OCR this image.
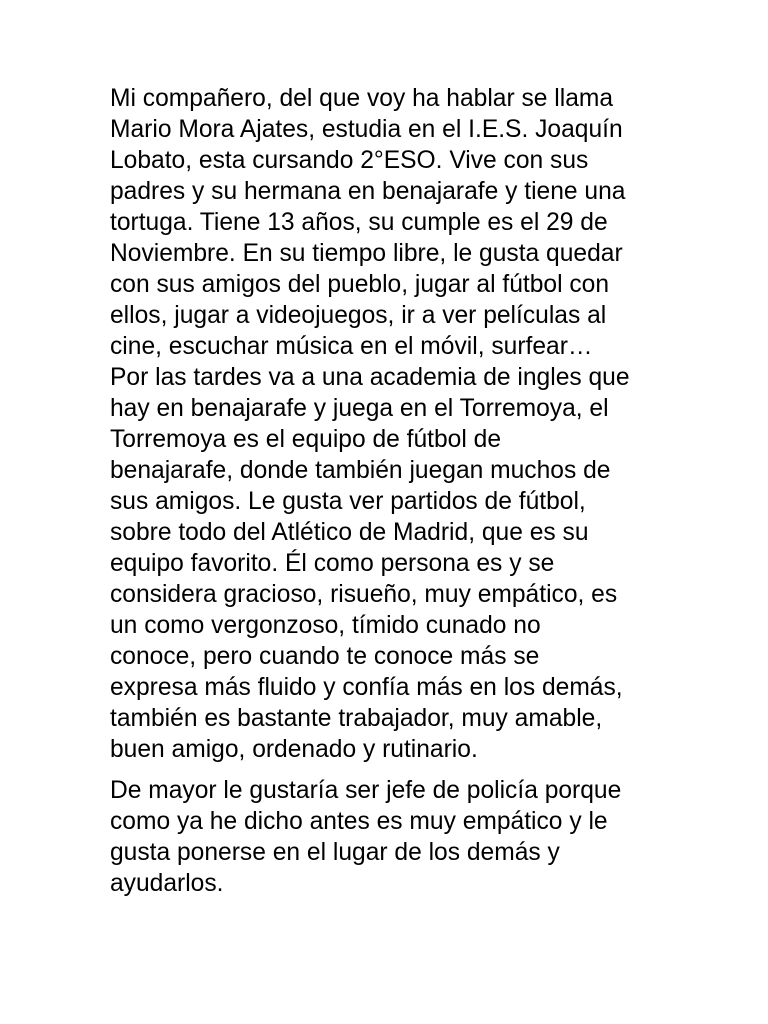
Mi compañero, del que voy ha hablar se llama
Mario Mora Ajates, estudia en el I.E.S. Joaquín
Lobato, esta cursando 2°ESO. Vive con sus
padres y su hermana en benajarafe y tiene una
tortuga. Tiene 13 años, su cumple es el 29 de
Noviembre. En su tiempo libre, le gusta quedar
con sus amigos del pueblo, jugar al fútbol con
ellos, jugar a videojuegos, ir a ver películas al
cine, escuchar música en el móvil, surfear…
Por las tardes va a una academia de ingles que
hay en benajarafe y juega en el Torremoya, el
Torremoya es el equipo de fútbol de
benajarafe, donde también juegan muchos de
sus amigos. Le gusta ver partidos de fútbol,
sobre todo del Atlético de Madrid, que es su
equipo favorito. Él como persona es y se
considera gracioso, risueño, muy empático, es
un como vergonzoso, tímido cunado no
conoce, pero cuando te conoce más se
expresa más fluido y confía más en los demás,
también es bastante trabajador, muy amable,
buen amigo, ordenado y rutinario.

De mayor le gustaría ser jefe de policía porque
como ya he dicho antes es muy empático y le
gusta ponerse en el lugar de los demás y
ayudarlos.
